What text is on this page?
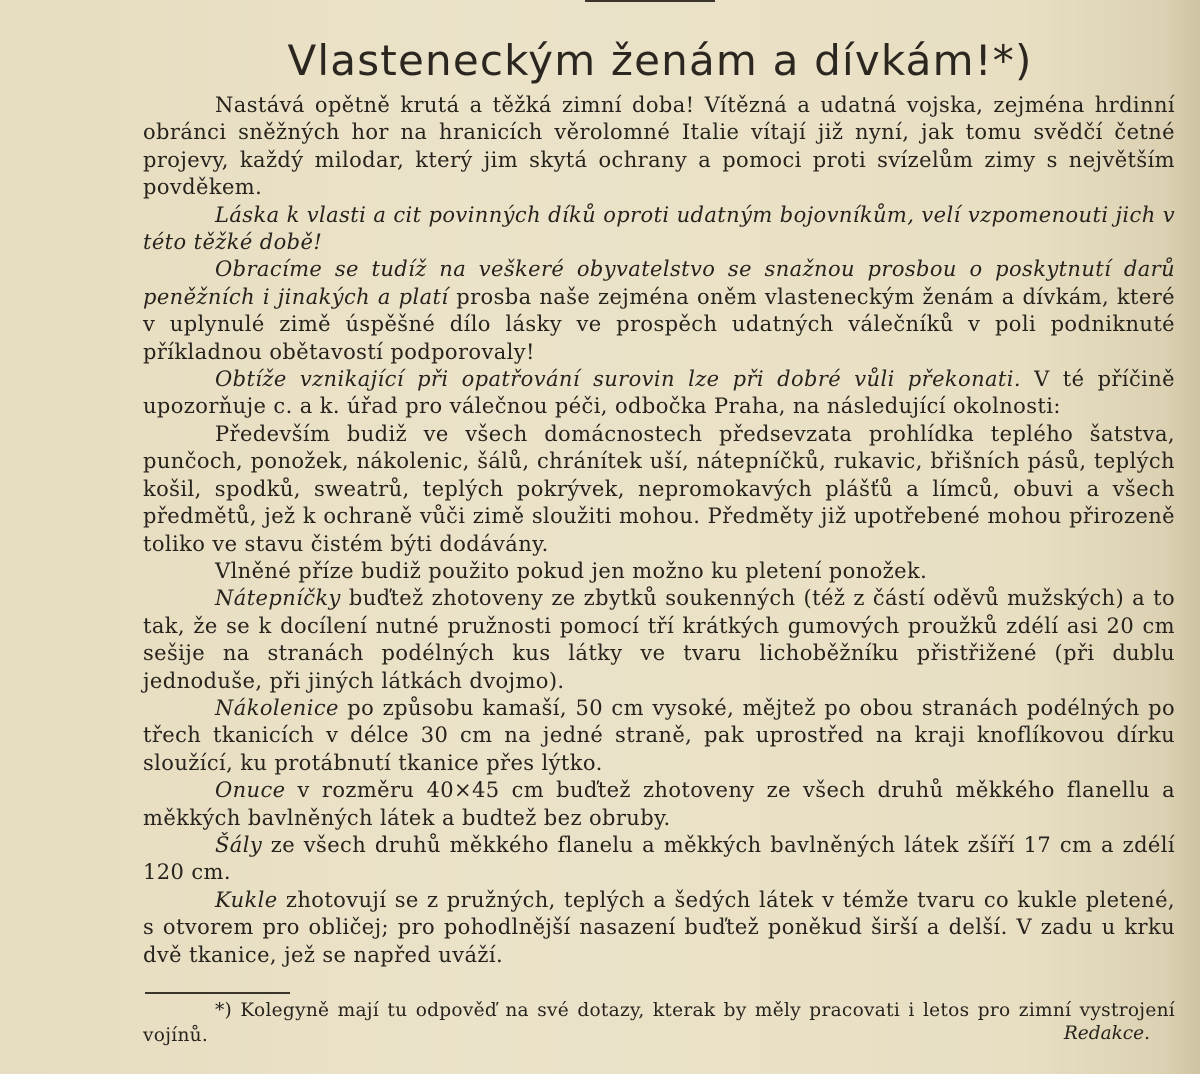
Vlasteneckým ženám a dívkám!*)

Nastává opětně krutá a těžká zimní doba! Vítězná a udatná vojska, zejména hrdinní obránci sněžných hor na hranicích věrolomné Italie vítají již nyní, jak tomu svědčí četné projevy, každý milodar, který jim skytá ochrany a pomoci proti svízelům zimy s největším povděkem.

Láska k vlasti a cit povinných díků oproti udatným bojovníkům, velí vzpomenouti jich v této těžké době!

Obracíme se tudíž na veškeré obyvatelstvo se snažnou prosbou o poskytnutí darů peněžních i jinakých a platí prosba naše zejména oněm vlasteneckým ženám a dívkám, které v uplynulé zimě úspěšné dílo lásky ve prospěch udatných válečníků v poli podniknuté příkladnou obětavostí podporovaly!

Obtíže vznikající při opatřování surovin lze při dobré vůli překonati. V té příčině upozorňuje c. a k. úřad pro válečnou péči, odbočka Praha, na následující okolnosti:

Především budiž ve všech domácnostech předsevzata prohlídka teplého šatstva, punčoch, ponožek, nákolenic, šálů, chránítek uší, nátepníčků, rukavic, břišních pásů, teplých košil, spodků, sweatrů, teplých pokrývek, nepromokavých plášťů a límců, obuvi a všech předmětů, jež k ochraně vůči zimě sloužiti mohou. Předměty již upotřebené mohou přirozeně toliko ve stavu čistém býti dodávány.

Vlněné příze budiž použito pokud jen možno ku pletení ponožek.

Nátepníčky buďtež zhotoveny ze zbytků soukenných (též z částí oděvů mužských) a to tak, že se k docílení nutné pružnosti pomocí tří krátkých gumových proužků zdélí asi 20 cm sešije na stranách podélných kus látky ve tvaru lichoběžníku přistřižené (při dublu jednoduše, při jiných látkách dvojmo).

Nákolenice po způsobu kamaší, 50 cm vysoké, mějtež po obou stranách podélných po třech tkanicích v délce 30 cm na jedné straně, pak uprostřed na kraji knoflíkovou dírku sloužící, ku protábnutí tkanice přes lýtko.

Onuce v rozměru 40×45 cm buďtež zhotoveny ze všech druhů měkkého flanellu a měkkých bavlněných látek a budtež bez obruby.

Šály ze všech druhů měkkého flanelu a měkkých bavlněných látek zšíří 17 cm a zdélí 120 cm.

Kukle zhotovují se z pružných, teplých a šedých látek v témže tvaru co kukle pletené, s otvorem pro obličej; pro pohodlnější nasazení buďtež poněkud širší a delší. V zadu u krku dvě tkanice, jež se napřed uváží.

*) Kolegyně mají tu odpověď na své dotazy, kterak by měly pracovati i letos pro zimní vystrojení vojínů.	Redakce.
